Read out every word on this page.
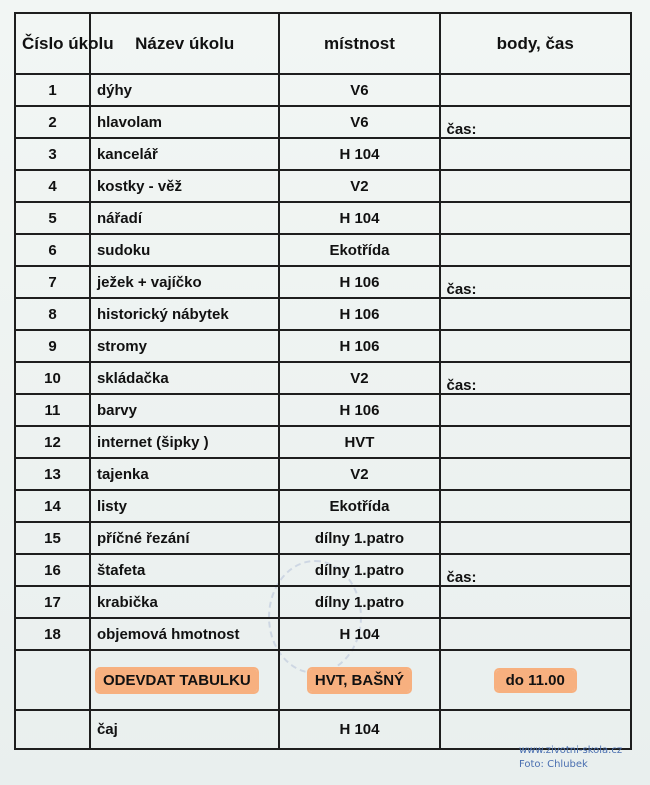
Číslo úkolu	Název úkolu	místnost	body, čas
1	dýhy	V6	
2	hlavolam	V6	čas:
3	kancelář	H 104	
4	kostky - věž	V2	
5	nářadí	H 104	
6	sudoku	Ekotřída	
7	ježek + vajíčko	H 106	čas:
8	historický nábytek	H 106	
9	stromy	H 106	
10	skládačka	V2	čas:
11	barvy	H 106	
12	internet (šipky )	HVT	
13	tajenka	V2	
14	listy	Ekotřída	
15	příčné řezání	dílny 1.patro	
16	štafeta	dílny 1.patro	čas:
17	krabička	dílny 1.patro	
18	objemová hmotnost	H 104	
	ODEVDAT TABULKU	HVT, BAŠNÝ	do 11.00
	čaj	H 104	
www.zivotni-skola.cz
Foto: Chlubek
